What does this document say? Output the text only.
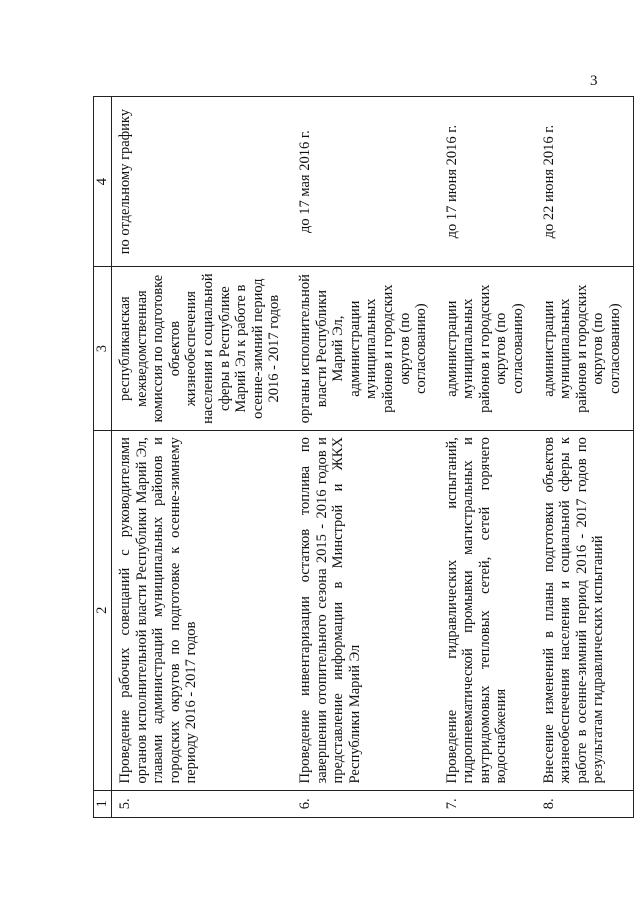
3
1	2	3	4
5.	Проведение рабочих совещаний с руководителями органов исполнительной власти Республики Марий Эл, главами администраций муниципальных районов и городских округов по подготовке к осенне-зимнему периоду 2016 - 2017 годов	республиканская межведомственная комиссия по подготовке объектов жизнеобеспечения населения и социальной сферы в Республике Марий Эл к работе в осенне-зимний период 2016 - 2017 годов	по отдельному графику
6.	Проведение инвентаризации остатков топлива по завершении отопительного сезона 2015 - 2016 годов и представление информации в Минстрой и ЖКХ Республики Марий Эл	органы исполнительной власти Республики Марий Эл, администрации муниципальных районов и городских округов (по согласованию)	до 17 мая 2016 г.
7.	Проведение гидравлических испытаний, гидропневматической промывки магистральных и внутридомовых тепловых сетей, сетей горячего водоснабжения	администрации муниципальных районов и городских округов (по согласованию)	до 17 июня 2016 г.
8.	Внесение изменений в планы подготовки объектов жизнеобеспечения населения и социальной сферы к работе в осенне-зимний период 2016 - 2017 годов по результатам гидравлических испытаний	администрации муниципальных районов и городских округов (по согласованию)	до 22 июня 2016 г.
